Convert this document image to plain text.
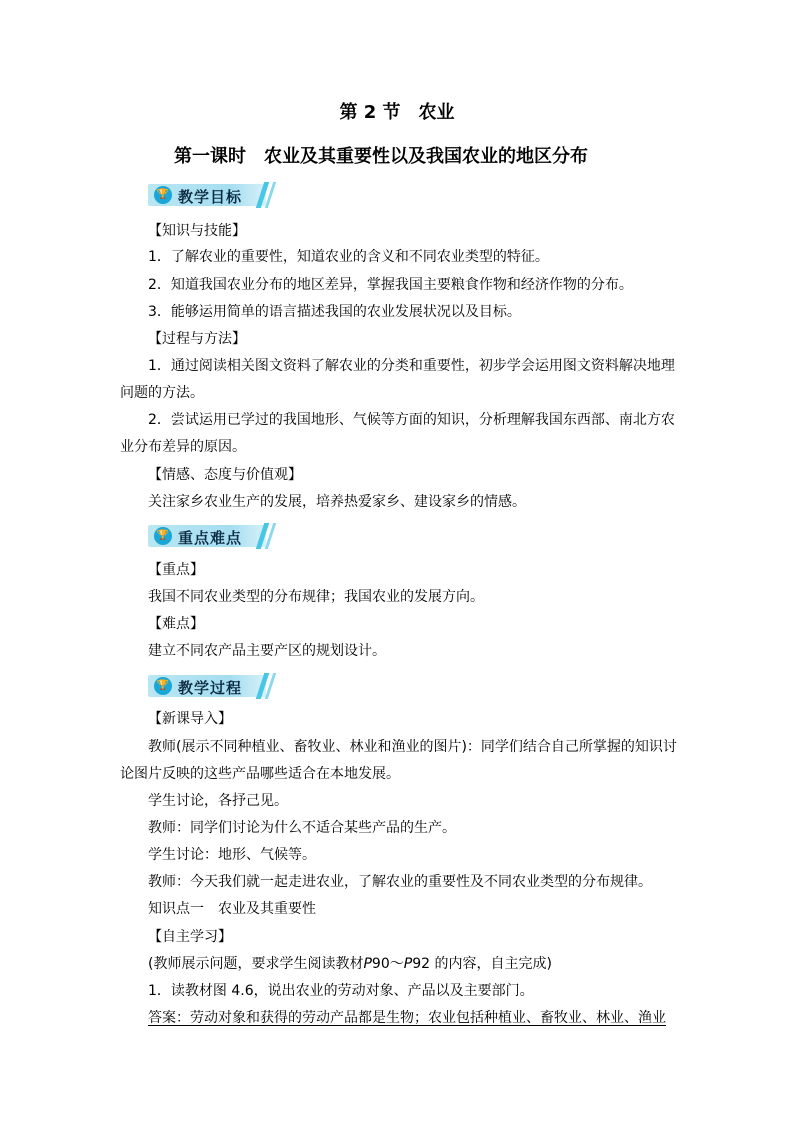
第 2 节　农业
第一课时　农业及其重要性以及我国农业的地区分布
🏆 教学目标
【知识与技能】
1．了解农业的重要性，知道农业的含义和不同农业类型的特征。
2．知道我国农业分布的地区差异，掌握我国主要粮食作物和经济作物的分布。
3．能够运用简单的语言描述我国的农业发展状况以及目标。
【过程与方法】
1．通过阅读相关图文资料了解农业的分类和重要性，初步学会运用图文资料解决地理
问题的方法。
2．尝试运用已学过的我国地形、气候等方面的知识，分析理解我国东西部、南北方农
业分布差异的原因。
【情感、态度与价值观】
关注家乡农业生产的发展，培养热爱家乡、建设家乡的情感。
🏆 重点难点
【重点】
我国不同农业类型的分布规律；我国农业的发展方向。
【难点】
建立不同农产品主要产区的规划设计。
🏆 教学过程
【新课导入】
教师(展示不同种植业、畜牧业、林业和渔业的图片)：同学们结合自己所掌握的知识讨
论图片反映的这些产品哪些适合在本地发展。
学生讨论，各抒己见。
教师：同学们讨论为什么不适合某些产品的生产。
学生讨论：地形、气候等。
教师：今天我们就一起走进农业，了解农业的重要性及不同农业类型的分布规律。
知识点一　农业及其重要性
【自主学习】
(教师展示问题，要求学生阅读教材P90～P92 的内容，自主完成)
1．读教材图 4.6，说出农业的劳动对象、产品以及主要部门。
答案：劳动对象和获得的劳动产品都是生物；农业包括种植业、畜牧业、林业、渔业
